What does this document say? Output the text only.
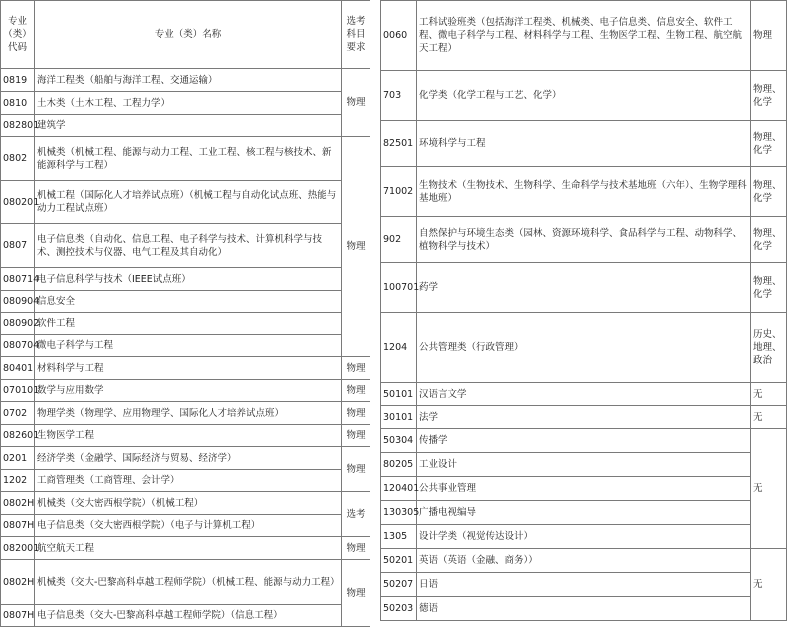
专业（类）代码	专业（类）名称	选考科目要求
0819	海洋工程类（船舶与海洋工程、交通运输）	物理
0810	土木类（土木工程、工程力学）	
082801	建筑学	
0802	机械类（机械工程、能源与动力工程、工业工程、核工程与核技术、新能源科学与工程）	物理
080201	机械工程（国际化人才培养试点班）（机械工程与自动化试点班、热能与动力工程试点班）	
0807	电子信息类（自动化、信息工程、电子科学与技术、计算机科学与技术、测控技术与仪器、电气工程及其自动化）	
080714	电子信息科学与技术（IEEE试点班）	
080904	信息安全	
080902	软件工程	
080704	微电子科学与工程	
80401	材料科学与工程	物理
070101	数学与应用数学	物理
0702	物理学类（物理学、应用物理学、国际化人才培养试点班）	物理
082601	生物医学工程	物理
0201	经济学类（金融学、国际经济与贸易、经济学）	物理
1202	工商管理类（工商管理、会计学）	
0802H	机械类（交大密西根学院）（机械工程）	选考
0807H	电子信息类（交大密西根学院）（电子与计算机工程）	
082001	航空航天工程	物理
0802H	机械类（交大-巴黎高科卓越工程师学院）（机械工程、能源与动力工程）	物理
0807H	电子信息类（交大-巴黎高科卓越工程师学院）（信息工程）	
0060	工科试验班类（包括海洋工程类、机械类、电子信息类、信息安全、软件工程、微电子科学与工程、材料科学与工程、生物医学工程、生物工程、航空航天工程）	物理
703	化学类（化学工程与工艺、化学）	物理、化学
82501	环境科学与工程	物理、化学
71002	生物技术（生物技术、生物科学、生命科学与技术基地班（六年）、生物学理科基地班）	物理、化学
902	自然保护与环境生态类（园林、资源环境科学、食品科学与工程、动物科学、植物科学与技术）	物理、化学
100701	药学	物理、化学
1204	公共管理类（行政管理）	历史、地理、政治
50101	汉语言文学	无
30101	法学	无
50304	传播学	无
80205	工业设计	
120401	公共事业管理	
130305	广播电视编导	
1305	设计学类（视觉传达设计）	
50201	英语（英语（金融、商务））	无
50207	日语	
50203	德语	
